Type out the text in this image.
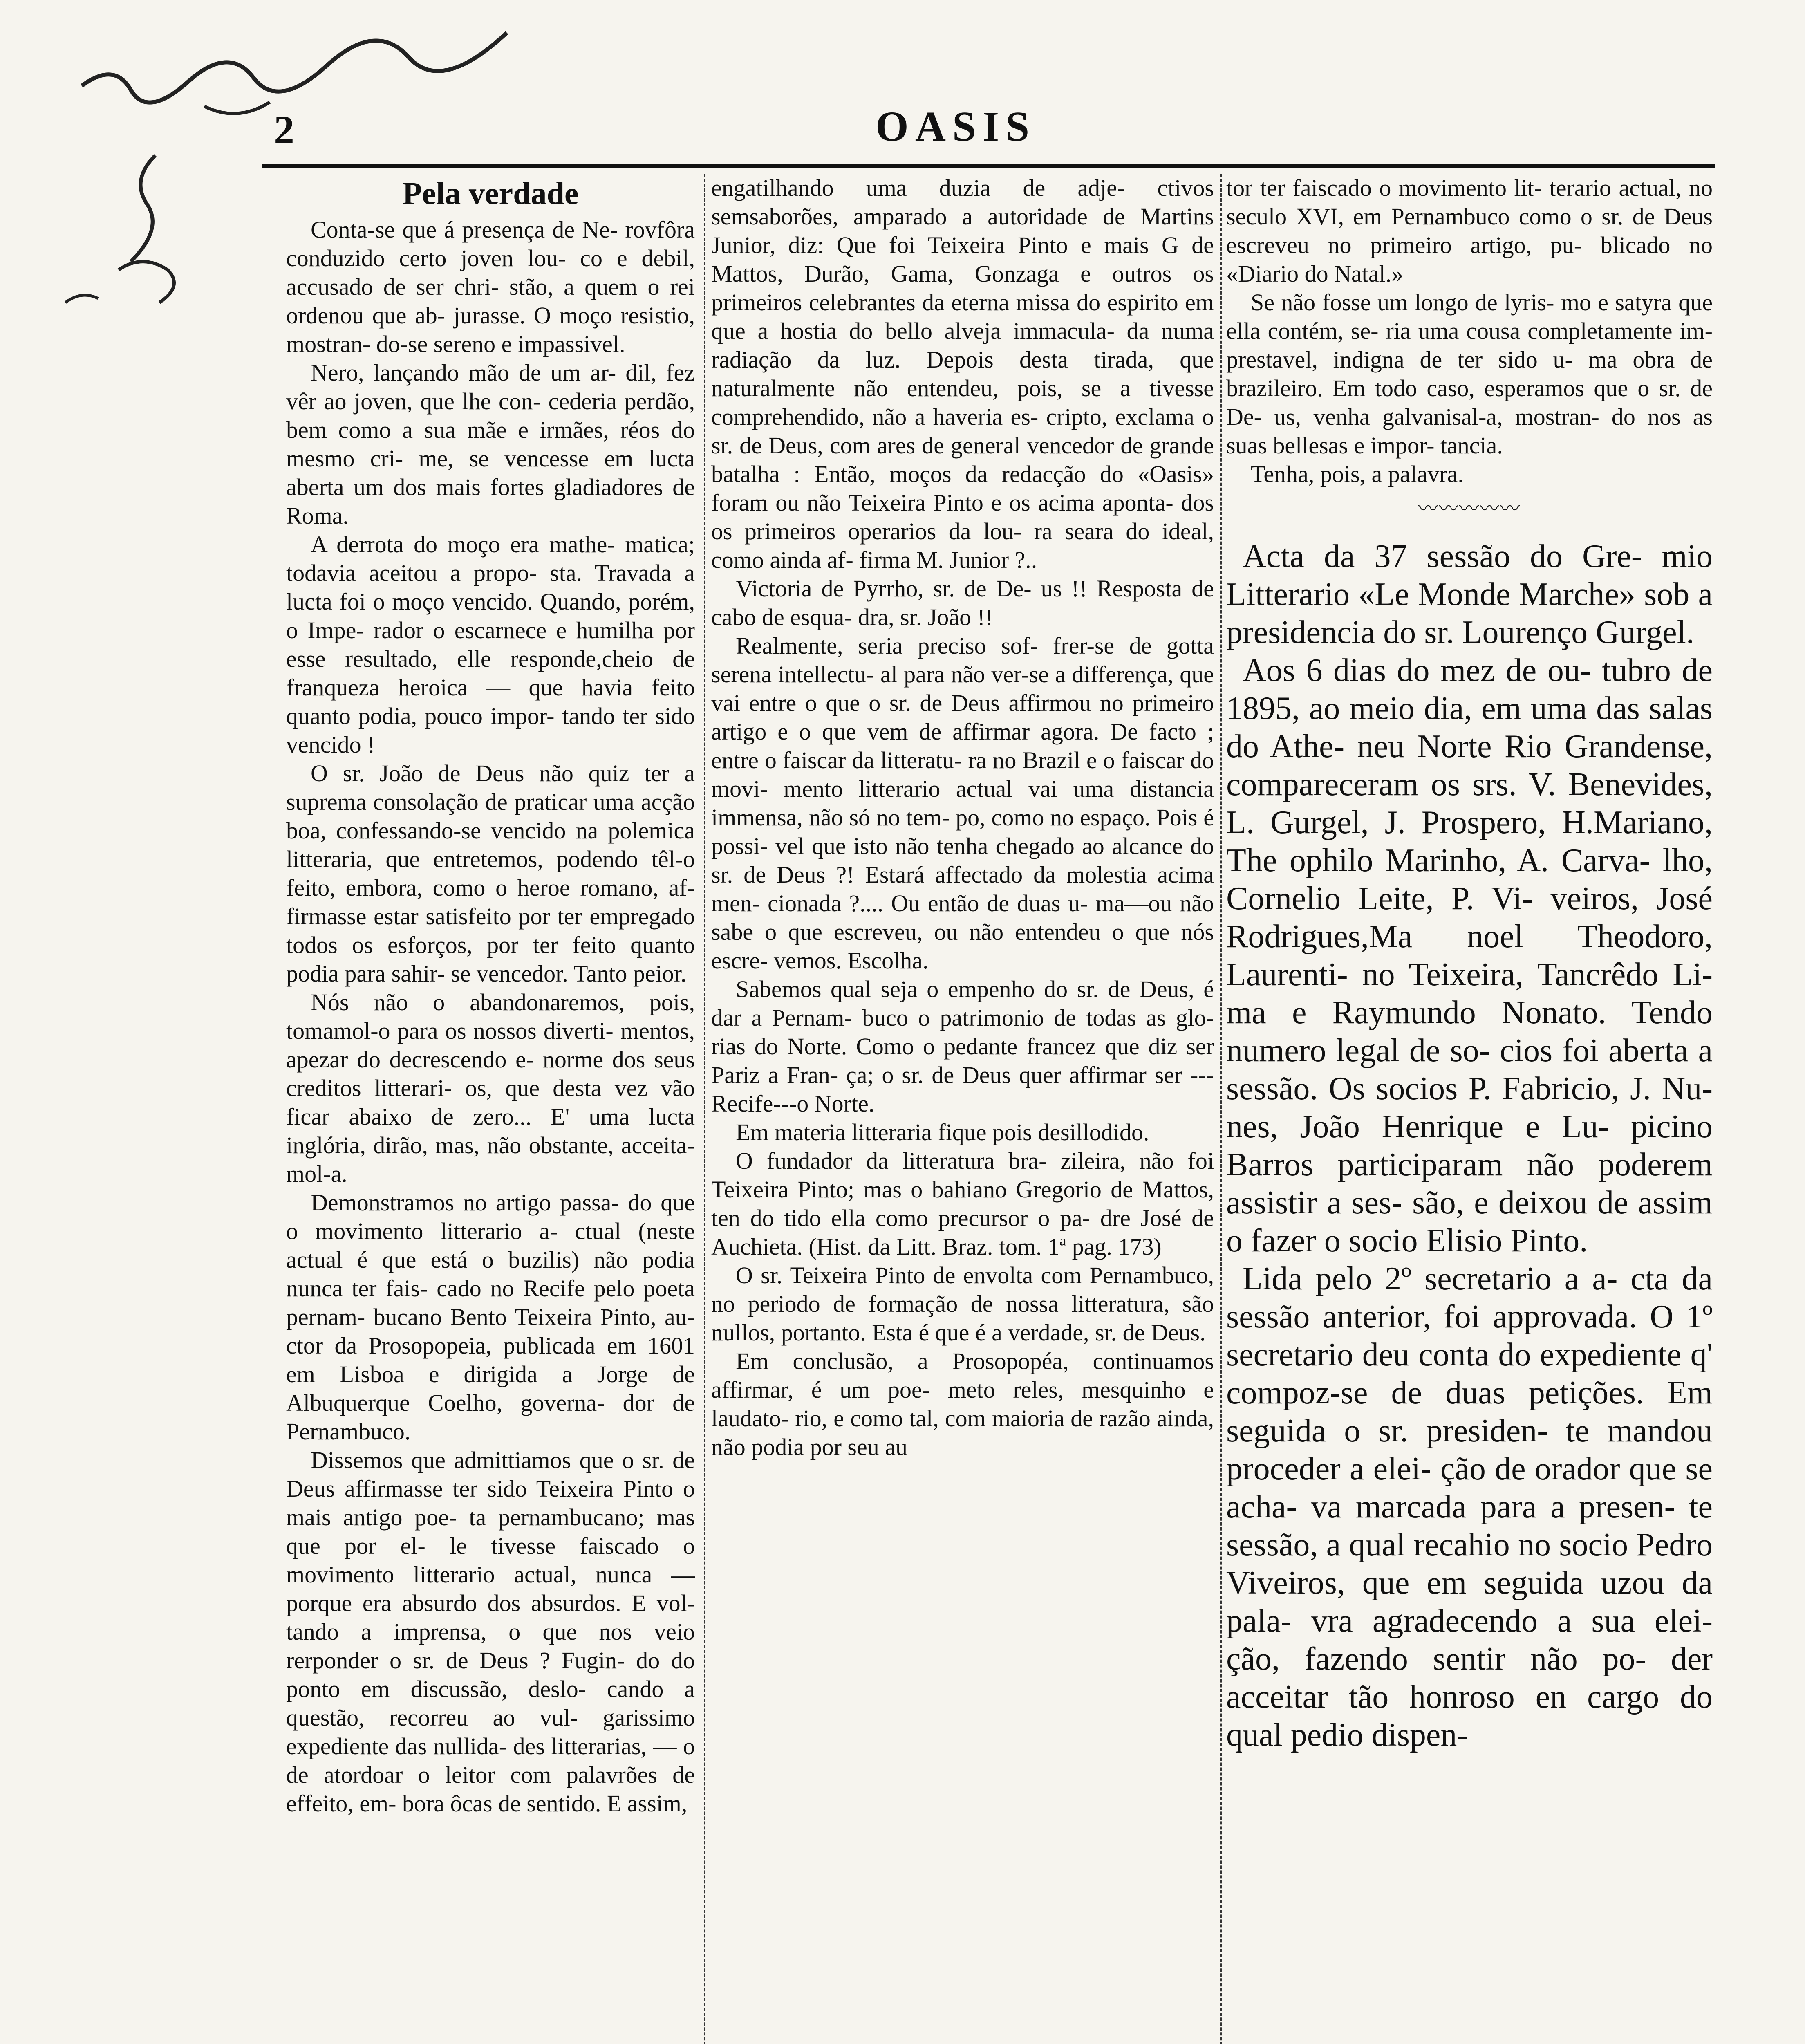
2	OASIS
Pela verdade

Conta-se que á presença de Ne- rovfôra conduzido certo joven lou- co e debil, accusado de ser chri- stão, a quem o rei ordenou que ab- jurasse. O moço resistio, mostran- do-se sereno e impassivel.

Nero, lançando mão de um ar- dil, fez vêr ao joven, que lhe con- cederia perdão, bem como a sua mãe e irmães, réos do mesmo cri- me, se vencesse em lucta aberta um dos mais fortes gladiadores de Roma.

A derrota do moço era mathe- matica; todavia aceitou a propo- sta. Travada a lucta foi o moço vencido. Quando, porém, o Impe- rador o escarnece e humilha por esse resultado, elle responde,cheio de franqueza heroica — que havia feito quanto podia, pouco impor- tando ter sido vencido !

O sr. João de Deus não quiz ter a suprema consolação de praticar uma acção boa, confessando-se vencido na polemica litteraria, que entretemos, podendo têl-o feito, embora, como o heroe romano, af- firmasse estar satisfeito por ter empregado todos os esforços, por ter feito quanto podia para sahir- se vencedor. Tanto peior.

Nós não o abandonaremos, pois, tomamol-o para os nossos diverti- mentos, apezar do decrescendo e- norme dos seus creditos litterari- os, que desta vez vão ficar abaixo de zero... E' uma lucta inglória, dirão, mas, não obstante, acceita- mol-a.

Demonstramos no artigo passa- do que o movimento litterario a- ctual (neste actual é que está o buzilis) não podia nunca ter fais- cado no Recife pelo poeta pernam- bucano Bento Teixeira Pinto, au- ctor da Prosopopeia, publicada em 1601 em Lisboa e dirigida a Jorge de Albuquerque Coelho, governa- dor de Pernambuco.

Dissemos que admittiamos que o sr. de Deus affirmasse ter sido Teixeira Pinto o mais antigo poe- ta pernambucano; mas que por el- le tivesse faiscado o movimento litterario actual, nunca — porque era absurdo dos absurdos. E vol- tando a imprensa, o que nos veio rerponder o sr. de Deus ? Fugin- do do ponto em discussão, deslo- cando a questão, recorreu ao vul- garissimo expediente das nullida- des litterarias, — o de atordoar o leitor com palavrões de effeito, em- bora ôcas de sentido. E assim,

engatilhando uma duzia de adje- ctivos semsaborões, amparado a autoridade de Martins Junior, diz: Que foi Teixeira Pinto e mais G de Mattos, Durão, Gama, Gonzaga e outros os primeiros celebrantes da eterna missa do espirito em que a hostia do bello alveja immacula- da numa radiação da luz. Depois desta tirada, que naturalmente não entendeu, pois, se a tivesse comprehendido, não a haveria es- cripto, exclama o sr. de Deus, com ares de general vencedor de grande batalha : Então, moços da redacção do «Oasis» foram ou não Teixeira Pinto e os acima aponta- dos os primeiros operarios da lou- ra seara do ideal, como ainda af- firma M. Junior ?..

Victoria de Pyrrho, sr. de De- us !! Resposta de cabo de esqua- dra, sr. João !!

Realmente, seria preciso sof- frer-se de gotta serena intellectu- al para não ver-se a differença, que vai entre o que o sr. de Deus affirmou no primeiro artigo e o que vem de affirmar agora. De facto ; entre o faiscar da litteratu- ra no Brazil e o faiscar do movi- mento litterario actual vai uma distancia immensa, não só no tem- po, como no espaço. Pois é possi- vel que isto não tenha chegado ao alcance do sr. de Deus ?! Estará affectado da molestia acima men- cionada ?.... Ou então de duas u- ma—ou não sabe o que escreveu, ou não entendeu o que nós escre- vemos. Escolha.

Sabemos qual seja o empenho do sr. de Deus, é dar a Pernam- buco o patrimonio de todas as glo- rias do Norte. Como o pedante francez que diz ser Pariz a Fran- ça; o sr. de Deus quer affirmar ser ---Recife---o Norte.

Em materia litteraria fique pois desillodido.

O fundador da litteratura bra- zileira, não foi Teixeira Pinto; mas o bahiano Gregorio de Mattos, ten do tido ella como precursor o pa- dre José de Auchieta. (Hist. da Litt. Braz. tom. 1ª pag. 173)

O sr. Teixeira Pinto de envolta com Pernambuco, no periodo de formação de nossa litteratura, são nullos, portanto. Esta é que é a verdade, sr. de Deus.

Em conclusão, a Prosopopéa, continuamos affirmar, é um poe- meto reles, mesquinho e laudato- rio, e como tal, com maioria de razão ainda, não podia por seu au

tor ter faiscado o movimento lit- terario actual, no seculo XVI, em Pernambuco como o sr. de Deus escreveu no primeiro artigo, pu- blicado no «Diario do Natal.»

Se não fosse um longo de lyris- mo e satyra que ella contém, se- ria uma cousa completamente im- prestavel, indigna de ter sido u- ma obra de brazileiro. Em todo caso, esperamos que o sr. de De- us, venha galvanisal-a, mostran- do nos as suas bellesas e impor- tancia.

Tenha, pois, a palavra.

〰〰〰〰〰

Acta da 37 sessão do Gre- mio Litterario «Le Monde Marche» sob a presidencia do sr. Lourenço Gurgel.

Aos 6 dias do mez de ou- tubro de 1895, ao meio dia, em uma das salas do Athe- neu Norte Rio Grandense, compareceram os srs. V. Benevides, L. Gurgel, J. Prospero, H.Mariano, The ophilo Marinho, A. Carva- lho, Cornelio Leite, P. Vi- veiros, José Rodrigues,Ma noel Theodoro, Laurenti- no Teixeira, Tancrêdo Li- ma e Raymundo Nonato. Tendo numero legal de so- cios foi aberta a sessão. Os socios P. Fabricio, J. Nu- nes, João Henrique e Lu- picino Barros participaram não poderem assistir a ses- são, e deixou de assim o fazer o socio Elisio Pinto.

Lida pelo 2º secretario a a- cta da sessão anterior, foi approvada. O 1º secretario deu conta do expediente q' compoz-se de duas petições. Em seguida o sr. presiden- te mandou proceder a elei- ção de orador que se acha- va marcada para a presen- te sessão, a qual recahio no socio Pedro Viveiros, que em seguida uzou da pala- vra agradecendo a sua elei- ção, fazendo sentir não po- der acceitar tão honroso en cargo do qual pedio dispen-
